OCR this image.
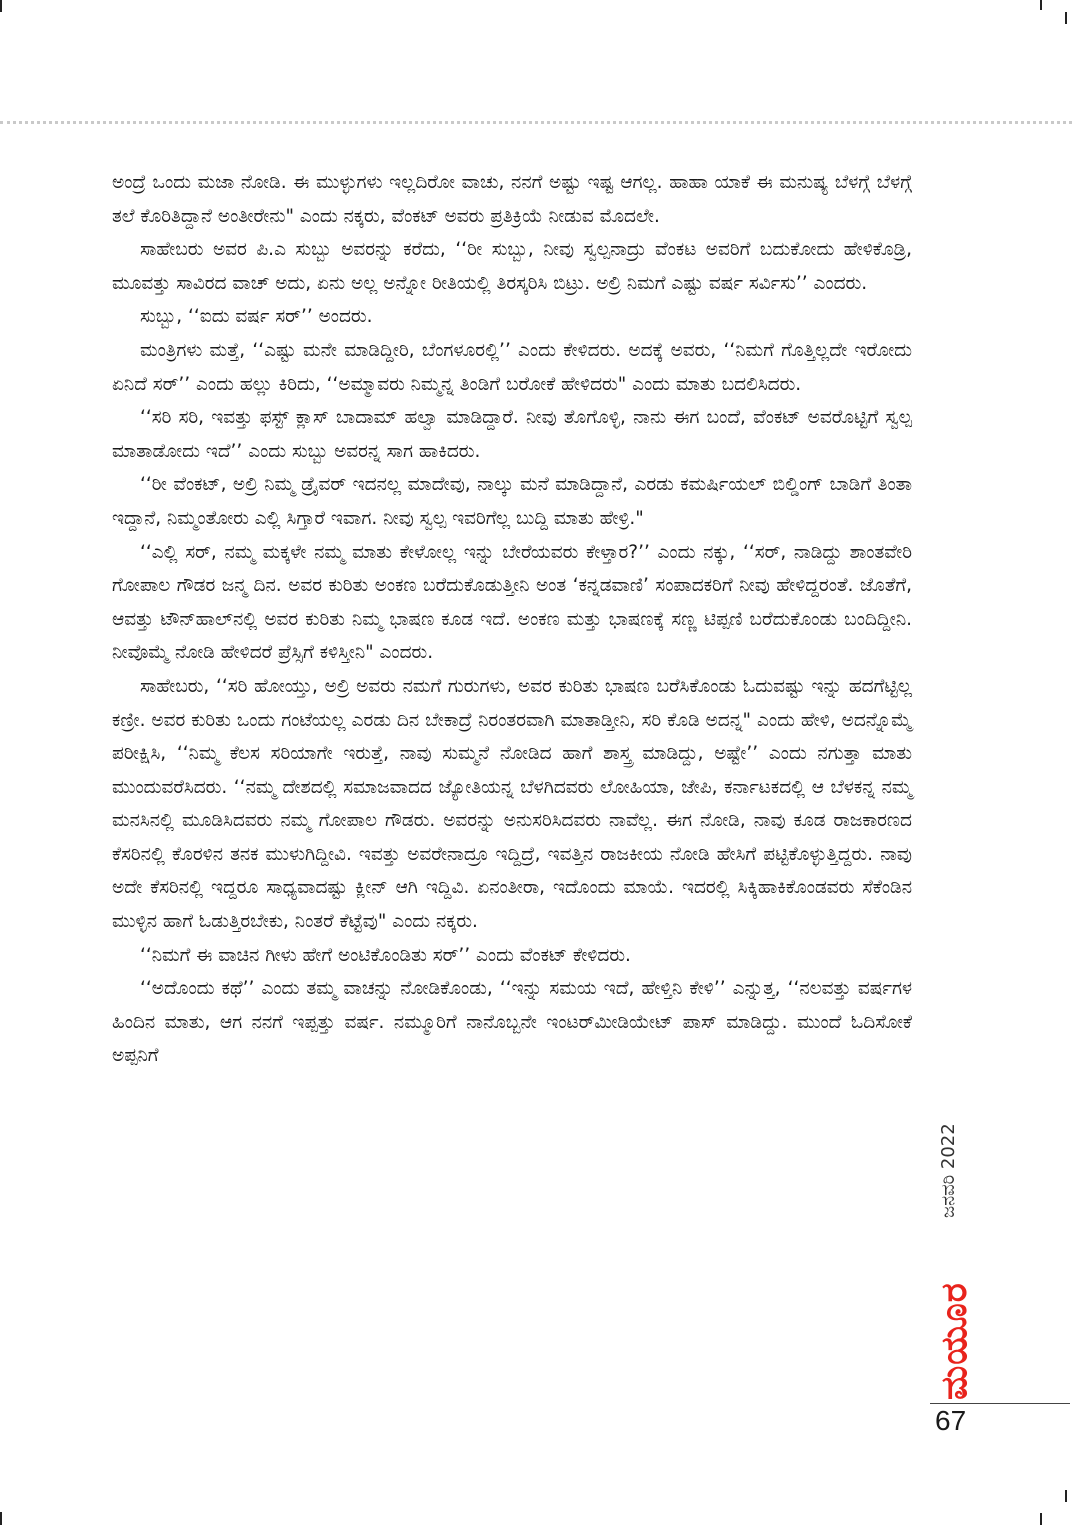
ಅಂದ್ರೆ ಒಂದು ಮಜಾ ನೋಡಿ. ಈ ಮುಳ್ಳುಗಳು ಇಲ್ಲದಿರೋ ವಾಚು, ನನಗೆ ಅಷ್ಟು ಇಷ್ಟ ಆಗಲ್ಲ. ಹಾಹಾ ಯಾಕೆ ಈ ಮನುಷ್ಯ ಬೆಳಗ್ಗೆ ಬೆಳಗ್ಗೆ ತಲೆ ಕೊರಿತಿದ್ದಾನೆ ಅಂತೀರೇನು" ಎಂದು ನಕ್ಕರು, ವೆಂಕಟ್ ಅವರು ಪ್ರತಿಕ್ರಿಯೆ ನೀಡುವ ಮೊದಲೇ.

ಸಾಹೇಬರು ಅವರ ಪಿ.ಎ ಸುಬ್ಬು ಅವರನ್ನು ಕರೆದು, ‘‘ರೀ ಸುಬ್ಬು, ನೀವು ಸ್ವಲ್ಪನಾದ್ರು ವೆಂಕಟ ಅವರಿಗೆ ಬದುಕೋದು ಹೇಳಿಕೊಡ್ರಿ, ಮೂವತ್ತು ಸಾವಿರದ ವಾಚ್ ಅದು, ಏನು ಅಲ್ಲ ಅನ್ನೋ ರೀತಿಯಲ್ಲಿ ತಿರಸ್ಕರಿಸಿ ಬಿಟ್ರು. ಅಲ್ರಿ ನಿಮಗೆ ಎಷ್ಟು ವರ್ಷ ಸರ್ವಿಸು’’ ಎಂದರು.

ಸುಬ್ಬು, ‘‘ಐದು ವರ್ಷ ಸರ್’’ ಅಂದರು.

ಮಂತ್ರಿಗಳು ಮತ್ತೆ, ‘‘ಎಷ್ಟು ಮನೇ ಮಾಡಿದ್ದೀರಿ, ಬೆಂಗಳೂರಲ್ಲಿ’’ ಎಂದು ಕೇಳಿದರು. ಅದಕ್ಕೆ ಅವರು, ‘‘ನಿಮಗೆ ಗೊತ್ತಿಲ್ಲದೇ ಇರೋದು ಏನಿದೆ ಸರ್’’ ಎಂದು ಹಲ್ಲು ಕಿರಿದು, ‘‘ಅಮ್ಮಾವರು ನಿಮ್ಮನ್ನ ತಿಂಡಿಗೆ ಬರೋಕೆ ಹೇಳಿದರು" ಎಂದು ಮಾತು ಬದಲಿಸಿದರು.

‘‘ಸರಿ ಸರಿ, ಇವತ್ತು ಫಸ್ಟ್ ಕ್ಲಾಸ್ ಬಾದಾಮ್ ಹಲ್ವಾ ಮಾಡಿದ್ದಾರೆ. ನೀವು ತೊಗೊಳ್ಳಿ, ನಾನು ಈಗ ಬಂದೆ, ವೆಂಕಟ್ ಅವರೊಟ್ಟಿಗೆ ಸ್ವಲ್ಪ ಮಾತಾಡೋದು ಇದೆ’’ ಎಂದು ಸುಬ್ಬು ಅವರನ್ನ ಸಾಗ ಹಾಕಿದರು.

‘‘ರೀ ವೆಂಕಟ್, ಅಲ್ರಿ ನಿಮ್ಮ ಡ್ರೈವರ್ ಇದನಲ್ಲ ಮಾದೇವು, ನಾಲ್ಕು ಮನೆ ಮಾಡಿದ್ದಾನೆ, ಎರಡು ಕಮರ್ಷಿಯಲ್ ಬಿಲ್ಡಿಂಗ್ ಬಾಡಿಗೆ ತಿಂತಾ ಇದ್ದಾನೆ, ನಿಮ್ಮಂತೋರು ಎಲ್ಲಿ ಸಿಗ್ತಾರೆ ಇವಾಗ. ನೀವು ಸ್ವಲ್ಪ ಇವರಿಗೆಲ್ಲ ಬುದ್ದಿ ಮಾತು ಹೇಳ್ರಿ."

‘‘ಎಲ್ಲಿ ಸರ್, ನಮ್ಮ ಮಕ್ಕಳೇ ನಮ್ಮ ಮಾತು ಕೇಳೋಲ್ಲ ಇನ್ನು ಬೇರೆಯವರು ಕೇಳ್ತಾರ?’’ ಎಂದು ನಕ್ಕು, ‘‘ಸರ್, ನಾಡಿದ್ದು ಶಾಂತವೇರಿ ಗೋಪಾಲ ಗೌಡರ ಜನ್ಮ ದಿನ. ಅವರ ಕುರಿತು ಅಂಕಣ ಬರೆದುಕೊಡುತ್ತೀನಿ ಅಂತ ‘ಕನ್ನಡವಾಣಿ’ ಸಂಪಾದಕರಿಗೆ ನೀವು ಹೇಳಿದ್ದರಂತೆ. ಜೊತೆಗೆ, ಆವತ್ತು ಟೌನ್‌ಹಾಲ್‌ನಲ್ಲಿ ಅವರ ಕುರಿತು ನಿಮ್ಮ ಭಾಷಣ ಕೂಡ ಇದೆ. ಅಂಕಣ ಮತ್ತು ಭಾಷಣಕ್ಕೆ ಸಣ್ಣ ಟಿಪ್ಪಣಿ ಬರೆದುಕೊಂಡು ಬಂದಿದ್ದೀನಿ. ನೀವೊಮ್ಮೆ ನೋಡಿ ಹೇಳಿದರೆ ಪ್ರೆಸ್ಸಿಗೆ ಕಳಿಸ್ತೀನಿ" ಎಂದರು.

ಸಾಹೇಬರು, ‘‘ಸರಿ ಹೋಯ್ತು, ಅಲ್ರಿ ಅವರು ನಮಗೆ ಗುರುಗಳು, ಅವರ ಕುರಿತು ಭಾಷಣ ಬರೆಸಿಕೊಂಡು ಓದುವಷ್ಟು ಇನ್ನು ಹದಗೆಟ್ಟಿಲ್ಲ ಕಣ್ರೀ. ಅವರ ಕುರಿತು ಒಂದು ಗಂಟೆಯಲ್ಲ ಎರಡು ದಿನ ಬೇಕಾದ್ರೆ ನಿರಂತರವಾಗಿ ಮಾತಾಡ್ತೀನಿ, ಸರಿ ಕೊಡಿ ಅದನ್ನ" ಎಂದು ಹೇಳಿ, ಅದನ್ನೊಮ್ಮೆ ಪರೀಕ್ಷಿಸಿ, ‘‘ನಿಮ್ಮ ಕೆಲಸ ಸರಿಯಾಗೇ ಇರುತ್ತೆ, ನಾವು ಸುಮ್ಮನೆ ನೋಡಿದ ಹಾಗೆ ಶಾಸ್ತ್ರ ಮಾಡಿದ್ದು, ಅಷ್ಟೇ’’ ಎಂದು ನಗುತ್ತಾ ಮಾತು ಮುಂದುವರೆಸಿದರು. ‘‘ನಮ್ಮ ದೇಶದಲ್ಲಿ ಸಮಾಜವಾದದ ಜ್ಯೋತಿಯನ್ನ ಬೆಳಗಿದವರು ಲೋಹಿಯಾ, ಜೇಪಿ, ಕರ್ನಾಟಕದಲ್ಲಿ ಆ ಬೆಳಕನ್ನ ನಮ್ಮ ಮನಸಿನಲ್ಲಿ ಮೂಡಿಸಿದವರು ನಮ್ಮ ಗೋಪಾಲ ಗೌಡರು. ಅವರನ್ನು ಅನುಸರಿಸಿದವರು ನಾವೆಲ್ಲ. ಈಗ ನೋಡಿ, ನಾವು ಕೂಡ ರಾಜಕಾರಣದ ಕೆಸರಿನಲ್ಲಿ ಕೊರಳಿನ ತನಕ ಮುಳುಗಿದ್ದೀವಿ. ಇವತ್ತು ಅವರೇನಾದ್ರೂ ಇದ್ದಿದ್ರೆ, ಇವತ್ತಿನ ರಾಜಕೀಯ ನೋಡಿ ಹೇಸಿಗೆ ಪಟ್ಟಿಕೊಳ್ಳುತ್ತಿದ್ದರು. ನಾವು ಅದೇ ಕೆಸರಿನಲ್ಲಿ ಇದ್ದರೂ ಸಾಧ್ಯವಾದಷ್ಟು ಕ್ಲೀನ್ ಆಗಿ ಇದ್ದಿವಿ. ಏನಂತೀರಾ, ಇದೊಂದು ಮಾಯೆ. ಇದರಲ್ಲಿ ಸಿಕ್ಕಿಹಾಕಿಕೊಂಡವರು ಸೆಕೆಂಡಿನ ಮುಳ್ಳಿನ ಹಾಗೆ ಓಡುತ್ತಿರಬೇಕು, ನಿಂತರೆ ಕೆಟ್ಟೆವು" ಎಂದು ನಕ್ಕರು.

‘‘ನಿಮಗೆ ಈ ವಾಚಿನ ಗೀಳು ಹೇಗೆ ಅಂಟಿಕೊಂಡಿತು ಸರ್’’ ಎಂದು ವೆಂಕಟ್ ಕೇಳಿದರು.

‘‘ಅದೊಂದು ಕಥೆ’’ ಎಂದು ತಮ್ಮ ವಾಚನ್ನು ನೋಡಿಕೊಂಡು, ‘‘ಇನ್ನು ಸಮಯ ಇದೆ, ಹೇಳ್ತಿನಿ ಕೇಳಿ’’ ಎನ್ನುತ್ತ, ‘‘ನಲವತ್ತು ವರ್ಷಗಳ ಹಿಂದಿನ ಮಾತು, ಆಗ ನನಗೆ ಇಪ್ಪತ್ತು ವರ್ಷ. ನಮ್ಮೂರಿಗೆ ನಾನೊಬ್ಬನೇ ಇಂಟರ್‌ಮೀಡಿಯೇಟ್ ಪಾಸ್ ಮಾಡಿದ್ದು. ಮುಂದೆ ಓದಿಸೋಕೆ ಅಪ್ಪನಿಗೆ

ಜನವರಿ 2022
ಮಯೂರ
67
